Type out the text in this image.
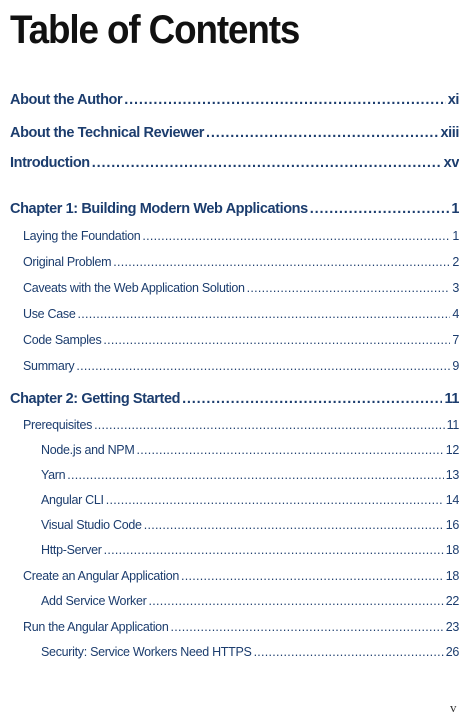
Table of Contents
About the Author . . .	xi
About the Technical Reviewer . . .	xiii
Introduction . . .	xv
Chapter 1: Building Modern Web Applications . . .	1
Laying the Foundation . . .	1
Original Problem . . .	2
Caveats with the Web Application Solution . . .	3
Use Case . . .	4
Code Samples . . .	7
Summary . . .	9
Chapter 2: Getting Started . . .	11
Prerequisites . . .	11
Node.js and NPM . . .	12
Yarn . . .	13
Angular CLI . . .	14
Visual Studio Code . . .	16
Http-Server . . .	18
Create an Angular Application . . .	18
Add Service Worker . . .	22
Run the Angular Application . . .	23
Security: Service Workers Need HTTPS . . .	26
v
